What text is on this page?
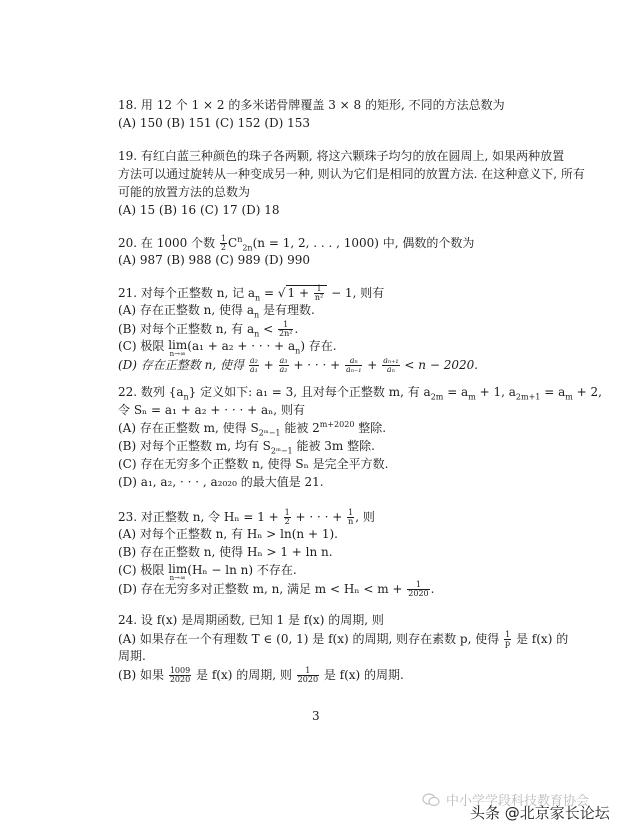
18. 用 12 个 1 × 2 的多米诺骨牌覆盖 3 × 8 的矩形, 不同的方法总数为
(A) 150 (B) 151 (C) 152 (D) 153
19. 有红白蓝三种颜色的珠子各两颗, 将这六颗珠子均匀的放在圆周上, 如果两种放置
方法可以通过旋转从一种变成另一种, 则认为它们是相同的放置方法. 在这种意义下, 所有
可能的放置方法的总数为
(A) 15 (B) 16 (C) 17 (D) 18
20. 在 1000 个数 $\frac{1}{2} C^n_{2n}(n = 1$, 2, . . . , 1000) 中, 偶数的个数为
(A) 987 (B) 988 (C) 989 (D) 990
21. 对每个正整数 n, 记 $a_n$ = √ $1 + \frac{1}{\text{n²}} - 1$, 则有
(A) 存在正整数 n, 使得 $a_n$ 是有理数.
(B) 对每个正整数 n, 有 $a_n < \frac{1}{\text{2n²}}$ .
(C) 极限 lim
n→∞
(a₁ + a₂ + · · · + $a_n$) 存在.
(D) 存在正整数 n, 使得 $\frac{\text{a₂}}{\text{a₁}} + \frac{\text{a₃}}{\text{a₂}}$ + · · · + $\frac{\text{aₙ}}{\text{aₙ₋₁}} + \frac{\text{aₙ₊₁}}{\text{aₙ}} < n - 2020$.
22. 数列 $\{a_n\}$ 定义如下: a₁ = 3, 且对每个正整数 m, 有 $a_{2m} = a_m + 1$, $a_{2m+1} = a_m + 2$,
令 Sₙ = a₁ + a₂ + · · · + aₙ, 则有
(A) 存在正整数 m, 使得 $S_{2ᵐ-1}$ 能被 $2^{m+2020}$ 整除.
(B) 对每个正整数 m, 均有 $S_{2ᵐ-1}$ 能被 3m 整除.
(C) 存在无穷多个正整数 n, 使得 Sₙ 是完全平方数.
(D) a₁, a₂, · · · , a₂₀₂₀ 的最大值是 21.
23. 对正整数 n, 令 $H_n = 1 + \frac{1}{2}$ + · · · + $\frac{1}{n}$ , 则
(A) 对每个正整数 n, 有 Hₙ > ln(n + 1).
(B) 存在正整数 n, 使得 Hₙ > 1 + ln n.
(C) 极限 lim
n→∞
(Hₙ − ln n) 不存在.
(D) 存在无穷多对正整数 m, n, 满足 $m < H_n < m + \frac{1}{2020}$ .
24. 设 f(x) 是周期函数, 已知 1 是 f(x) 的周期, 则
(A) 如果存在一个有理数 T ∈ (0, 1) 是 f(x) 的周期, 则存在素数 p, 使得 $\frac{1}{p}$ 是 f(x) 的
周期.
(B) 如果 $\frac{1009}{2020}$ 是 f(x) 的周期, 则 $\frac{1}{2020}$ 是 f(x) 的周期.
3
中小学学段科技教育协会
头条 @北京家长论坛
